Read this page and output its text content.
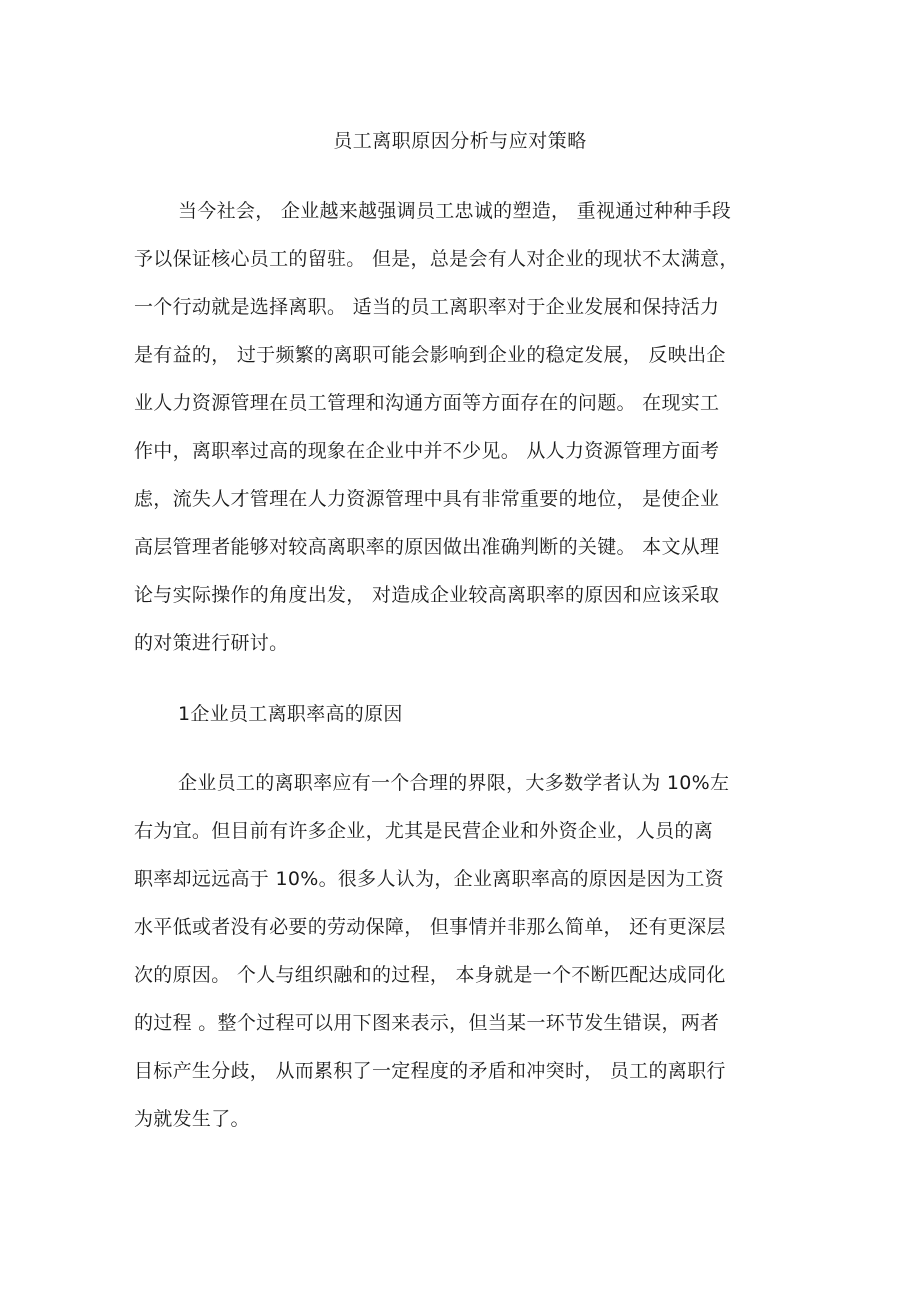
员工离职原因分析与应对策略
当今社会， 企业越来越强调员工忠诚的塑造， 重视通过种种手段
予以保证核心员工的留驻。 但是，总是会有人对企业的现状不太满意，
一个行动就是选择离职。 适当的员工离职率对于企业发展和保持活力
是有益的， 过于频繁的离职可能会影响到企业的稳定发展， 反映出企
业人力资源管理在员工管理和沟通方面等方面存在的问题。 在现实工
作中，离职率过高的现象在企业中并不少见。 从人力资源管理方面考
虑，流失人才管理在人力资源管理中具有非常重要的地位， 是使企业
高层管理者能够对较高离职率的原因做出准确判断的关键。 本文从理
论与实际操作的角度出发， 对造成企业较高离职率的原因和应该采取
的对策进行研讨。
1企业员工离职率高的原因
企业员工的离职率应有一个合理的界限，大多数学者认为 10%左
右为宜。但目前有许多企业，尤其是民营企业和外资企业，人员的离
职率却远远高于 10%。很多人认为，企业离职率高的原因是因为工资
水平低或者没有必要的劳动保障， 但事情并非那么简单， 还有更深层
次的原因。 个人与组织融和的过程， 本身就是一个不断匹配达成同化
的过程 。整个过程可以用下图来表示，但当某一环节发生错误，两者
目标产生分歧， 从而累积了一定程度的矛盾和冲突时， 员工的离职行
为就发生了。
